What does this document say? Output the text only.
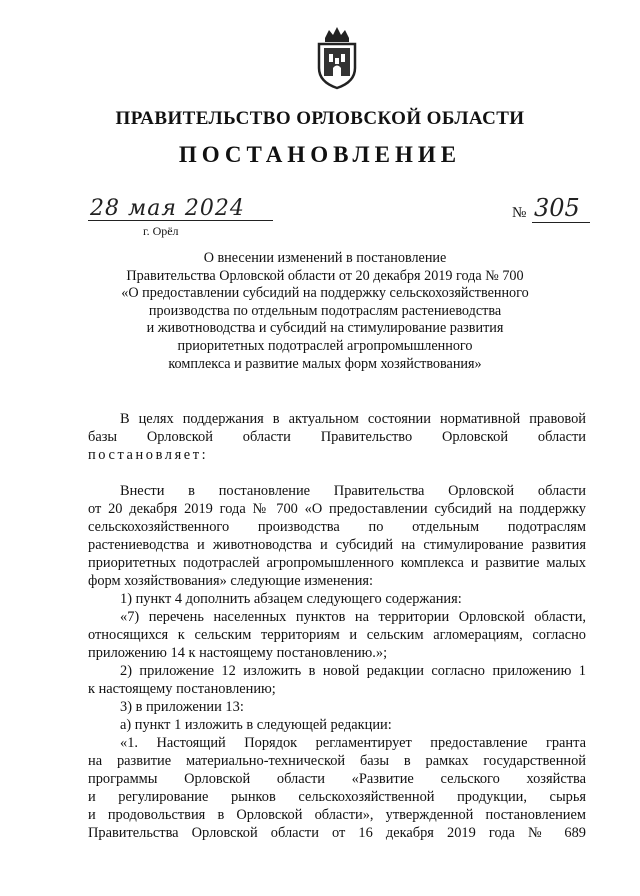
ПРАВИТЕЛЬСТВО ОРЛОВСКОЙ ОБЛАСТИ
ПОСТАНОВЛЕНИЕ
28 мая 2024
г. Орёл
№ 305
О внесении изменений в постановление
Правительства Орловской области от 20 декабря 2019 года № 700
«О предоставлении субсидий на поддержку сельскохозяйственного
производства по отдельным подотраслям растениеводства
и животноводства и субсидий на стимулирование развития
приоритетных подотраслей агропромышленного
комплекса и развитие малых форм хозяйствования»

В целях поддержания в актуальном состоянии нормативной правовой

базы Орловской области Правительство Орловской области

постановляет:

Внести в постановление Правительства Орловской области

от 20 декабря 2019 года № 700 «О предоставлении субсидий на поддержку

сельскохозяйственного производства по отдельным подотраслям

растениеводства и животноводства и субсидий на стимулирование развития

приоритетных подотраслей агропромышленного комплекса и развитие малых

форм хозяйствования» следующие изменения:

1) пункт 4 дополнить абзацем следующего содержания:

«7) перечень населенных пунктов на территории Орловской области,

относящихся к сельским территориям и сельским агломерациям, согласно

приложению 14 к настоящему постановлению.»;

2) приложение 12 изложить в новой редакции согласно приложению 1

к настоящему постановлению;

3) в приложении 13:

а) пункт 1 изложить в следующей редакции:

«1. Настоящий Порядок регламентирует предоставление гранта

на развитие материально-технической базы в рамках государственной

программы Орловской области «Развитие сельского хозяйства

и регулирование рынков сельскохозяйственной продукции, сырья

и продовольствия в Орловской области», утвержденной постановлением

Правительства Орловской области от 16 декабря 2019 года № 689
